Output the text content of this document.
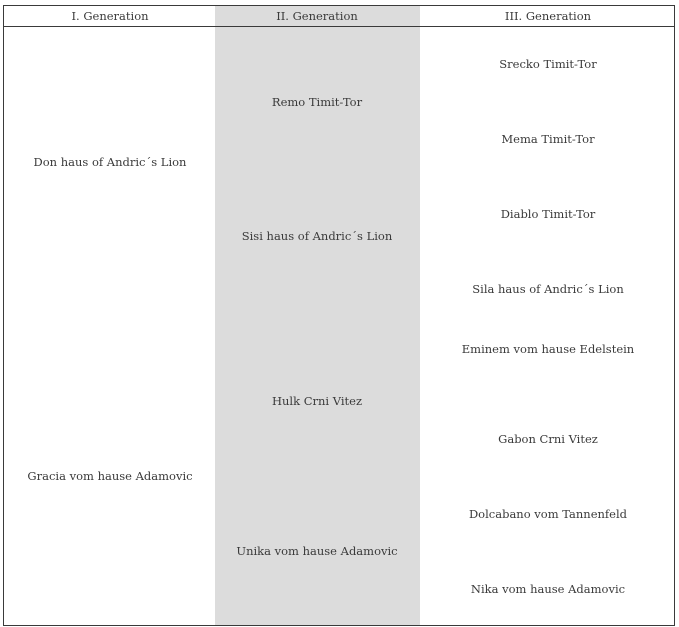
I. Generation	II. Generation	III. Generation
Don haus of Andric´s Lion
Gracia vom hause Adamovic
Remo Timit-Tor
Sisi haus of Andric´s Lion
Hulk Crni Vitez
Unika vom hause Adamovic
Srecko Timit-Tor
Mema Timit-Tor
Diablo Timit-Tor
Sila haus of Andric´s Lion
Eminem vom hause Edelstein
Gabon Crni Vitez
Dolcabano vom Tannenfeld
Nika vom hause Adamovic
